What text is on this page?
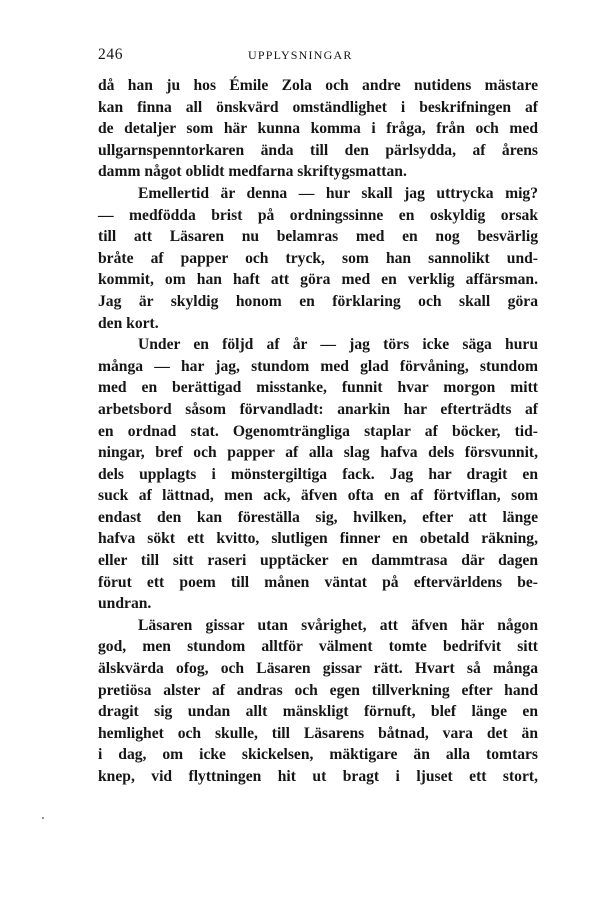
246	UPPLYSNINGAR
då han ju hos Émile Zola och andre nutidens mästare
kan finna all önskvärd omständlighet i beskrifningen af
de detaljer som här kunna komma i fråga, från och med
ullgarnspenntorkaren ända till den pärlsydda, af årens
damm något oblidt medfarna skriftygsmattan.
Emellertid är denna — hur skall jag uttrycka mig?
— medfödda brist på ordningssinne en oskyldig orsak
till att Läsaren nu belamras med en nog besvärlig
bråte af papper och tryck, som han sannolikt und-
kommit, om han haft att göra med en verklig affärsman.
Jag är skyldig honom en förklaring och skall göra
den kort.
Under en följd af år — jag törs icke säga huru
många — har jag, stundom med glad förvåning, stundom
med en berättigad misstanke, funnit hvar morgon mitt
arbetsbord såsom förvandladt: anarkin har efterträdts af
en ordnad stat. Ogenomträngliga staplar af böcker, tid-
ningar, bref och papper af alla slag hafva dels försvunnit,
dels upplagts i mönstergiltiga fack. Jag har dragit en
suck af lättnad, men ack, äfven ofta en af förtviflan, som
endast den kan föreställa sig, hvilken, efter att länge
hafva sökt ett kvitto, slutligen finner en obetald räkning,
eller till sitt raseri upptäcker en dammtrasa där dagen
förut ett poem till månen väntat på eftervärldens be-
undran.
Läsaren gissar utan svårighet, att äfven här någon
god, men stundom alltför välment tomte bedrifvit sitt
älskvärda ofog, och Läsaren gissar rätt. Hvart så många
pretiösa alster af andras och egen tillverkning efter hand
dragit sig undan allt mänskligt förnuft, blef länge en
hemlighet och skulle, till Läsarens båtnad, vara det än
i dag, om icke skickelsen, mäktigare än alla tomtars
knep, vid flyttningen hit ut bragt i ljuset ett stort,
